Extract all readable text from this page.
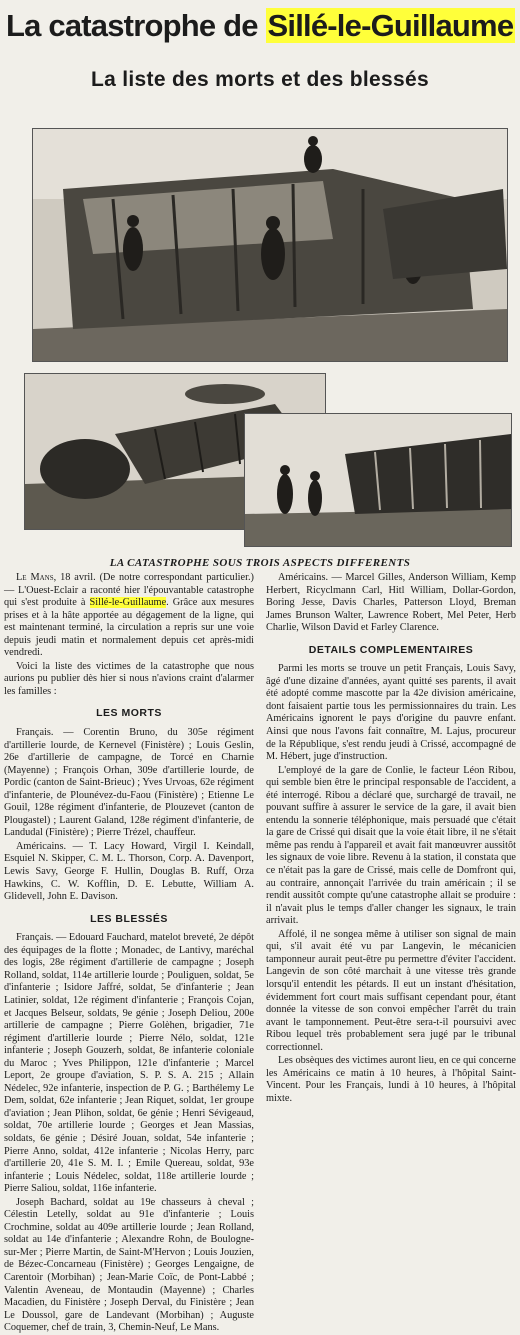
La catastrophe de Sillé-le-Guillaume
La liste des morts et des blessés
LA CATASTROPHE SOUS TROIS ASPECTS DIFFERENTS

Le Mans, 18 avril. (De notre correspondant particulier.) — L'Ouest-Eclair a raconté hier l'épouvantable catastrophe qui s'est produite à Sillé-le-Guillaume. Grâce aux mesures prises et à la hâte apportée au dégagement de la ligne, qui est maintenant terminé, la circulation a repris sur une voie depuis jeudi matin et normalement depuis cet après-midi vendredi.

Voici la liste des victimes de la catastrophe que nous aurions pu publier dès hier si nous n'avions craint d'alarmer les familles :

LES MORTS

Français. — Corentin Bruno, du 305e régiment d'artillerie lourde, de Kernevel (Finistère) ; Louis Geslin, 26e d'artillerie de campagne, de Torcé en Charnie (Mayenne) ; François Orhan, 309e d'artillerie lourde, de Pordic (canton de Saint-Brieuc) ; Yves Urvoas, 62e régiment d'infanterie, de Plounévez-du-Faou (Finistère) ; Etienne Le Gouil, 128e régiment d'infanterie, de Plouzevet (canton de Plougastel) ; Laurent Galand, 128e régiment d'infanterie, de Landudal (Finistère) ; Pierre Trézel, chauffeur.

Américains. — T. Lacy Howard, Virgil I. Keindall, Esquiel N. Skipper, C. M. L. Thorson, Corp. A. Davenport, Lewis Savy, George F. Hullin, Douglas B. Ruff, Orza Hawkins, C. W. Kofflin, D. E. Lebutte, William A. Glidevell, John E. Davison.

LES BLESSÉS

Français. — Edouard Fauchard, matelot breveté, 2e dépôt des équipages de la flotte ; Monadec, de Lantivy, maréchal des logis, 28e régiment d'artillerie de campagne ; Joseph Rolland, soldat, 114e artillerie lourde ; Pouliguen, soldat, 5e d'infanterie ; Isidore Jaffré, soldat, 5e d'infanterie ; Jean Latinier, soldat, 12e régiment d'infanterie ; François Cojan, et Jacques Belseur, soldats, 9e génie ; Joseph Deliou, 200e artillerie de campagne ; Pierre Golèhen, brigadier, 71e régiment d'artillerie lourde ; Pierre Nélo, soldat, 121e infanterie ; Joseph Gouzerh, soldat, 8e infanterie coloniale du Maroc ; Yves Philippon, 121e d'infanterie ; Marcel Leport, 2e groupe d'aviation, S. P. S. A. 215 ; Allain Nédelec, 92e infanterie, inspection de P. G. ; Barthélemy Le Dem, soldat, 62e infanterie ; Jean Riquet, soldat, 1er groupe d'aviation ; Jean Plihon, soldat, 6e génie ; Henri Sévigeaud, soldat, 70e artillerie lourde ; Georges et Jean Massias, soldats, 6e génie ; Désiré Jouan, soldat, 54e infanterie ; Pierre Anno, soldat, 412e infanterie ; Nicolas Herry, parc d'artillerie 20, 41e S. M. I. ; Emile Quereau, soldat, 93e infanterie ; Louis Nédelec, soldat, 118e artillerie lourde ; Pierre Saliou, soldat, 116e infanterie.

Joseph Bachard, soldat au 19e chasseurs à cheval ; Célestin Letelly, soldat au 91e d'infanterie ; Louis Crochmine, soldat au 409e artillerie lourde ; Jean Rolland, soldat au 14e d'infanterie ; Alexandre Rohn, de Boulogne-sur-Mer ; Pierre Martin, de Saint-M'Hervon ; Louis Jouzien, de Bézec-Concarneau (Finistère) ; Georges Lengaigne, de Carentoir (Morbihan) ; Jean-Marie Coïc, de Pont-Labbé ; Valentin Aveneau, de Montaudin (Mayenne) ; Charles Macadien, du Finistère ; Joseph Derval, du Finistère ; Jean Le Doussol, gare de Landevant (Morbihan) ; Auguste Coquemer, chef de train, 3, Chemin-Neuf, Le Mans.

Américains. — Marcel Gilles, Anderson William, Kemp Herbert, Ricyclmann Carl, Hitl William, Dollar-Gordon, Boring Jesse, Davis Charles, Patterson Lloyd, Breman James Brunson Walter, Lawrence Robert, Mel Peter, Herb Charlie, Wilson David et Farley Clarence.

DETAILS COMPLEMENTAIRES

Parmi les morts se trouve un petit Français, Louis Savy, âgé d'une dizaine d'années, ayant quitté ses parents, il avait été adopté comme mascotte par la 42e division américaine, dont faisaient partie tous les permissionnaires du train. Les Américains ignorent le pays d'origine du pauvre enfant. Ainsi que nous l'avons fait connaître, M. Lajus, procureur de la République, s'est rendu jeudi à Crissé, accompagné de M. Hébert, juge d'instruction.

L'employé de la gare de Conlie, le facteur Léon Ribou, qui semble bien être le principal responsable de l'accident, a été interrogé. Ribou a déclaré que, surchargé de travail, ne pouvant suffire à assurer le service de la gare, il avait bien entendu la sonnerie téléphonique, mais persuadé que c'était la gare de Crissé qui disait que la voie était libre, il ne s'était même pas rendu à l'appareil et avait fait manœuvrer aussitôt les signaux de voie libre. Revenu à la station, il constata que ce n'était pas la gare de Crissé, mais celle de Domfront qui, au contraire, annonçait l'arrivée du train américain ; il se rendit aussitôt compte qu'une catastrophe allait se produire : il n'avait plus le temps d'aller changer les signaux, le train arrivait.

Affolé, il ne songea même à utiliser son signal de main qui, s'il avait été vu par Langevin, le mécanicien tamponneur aurait peut-être pu permettre d'éviter l'accident. Langevin de son côté marchait à une vitesse très grande lorsqu'il entendit les pétards. Il eut un instant d'hésitation, évidemment fort court mais suffisant cependant pour, étant donnée la vitesse de son convoi empêcher l'arrêt du train avant le tamponnement. Peut-être sera-t-il poursuivi avec Ribou lequel très probablement sera jugé par le tribunal correctionnel.

Les obsèques des victimes auront lieu, en ce qui concerne les Américains ce matin à 10 heures, à l'hôpital Saint-Vincent. Pour les Français, lundi à 10 heures, à l'hôpital mixte.
